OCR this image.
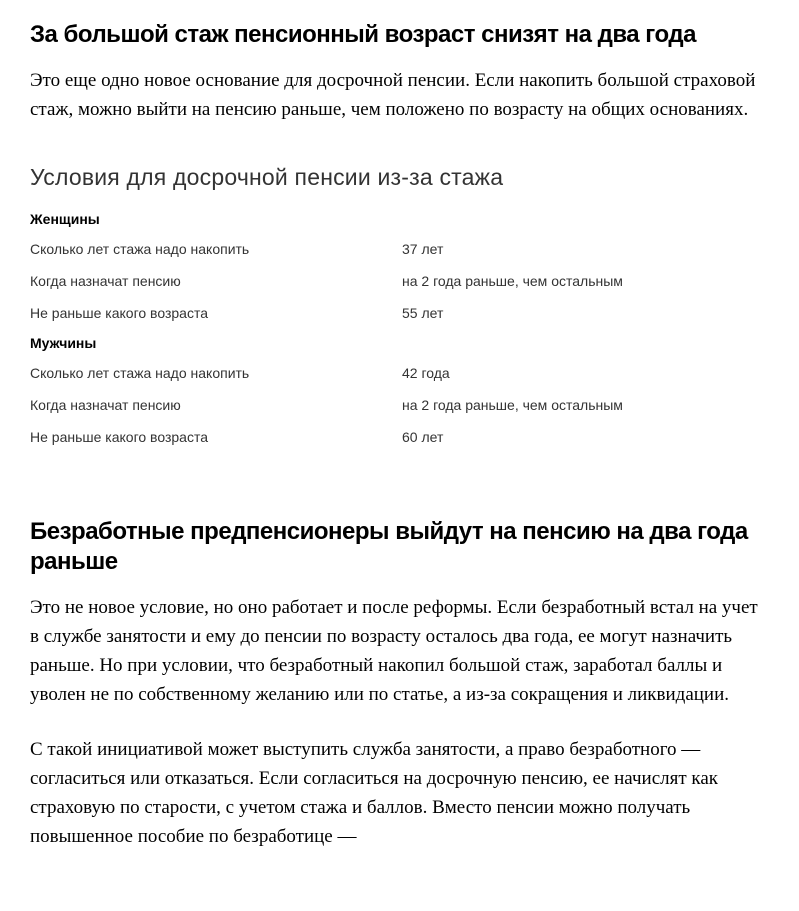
За большой стаж пенсионный возраст снизят на два года

Это еще одно новое основание для досрочной пенсии. Если накопить большой страховой стаж, можно выйти на пенсию раньше, чем положено по возрасту на общих основаниях.

Условия для досрочной пенсии из-за стажа
Женщины
Сколько лет стажа надо накопить	37 лет
Когда назначат пенсию	на 2 года раньше, чем остальным
Не раньше какого возраста	55 лет
Мужчины
Сколько лет стажа надо накопить	42 года
Когда назначат пенсию	на 2 года раньше, чем остальным
Не раньше какого возраста	60 лет
Безработные предпенсионеры выйдут на пенсию на два года раньше

Это не новое условие, но оно работает и после реформы. Если безработный встал на учет в службе занятости и ему до пенсии по возрасту осталось два года, ее могут назначить раньше. Но при условии, что безработный накопил большой стаж, заработал баллы и уволен не по собственному желанию или по статье, а из-за сокращения и ликвидации.

С такой инициативой может выступить служба занятости, а право безработного — согласиться или отказаться. Если согласиться на досрочную пенсию, ее начислят как страховую по старости, с учетом стажа и баллов. Вместо пенсии можно получать повышенное пособие по безработице —
